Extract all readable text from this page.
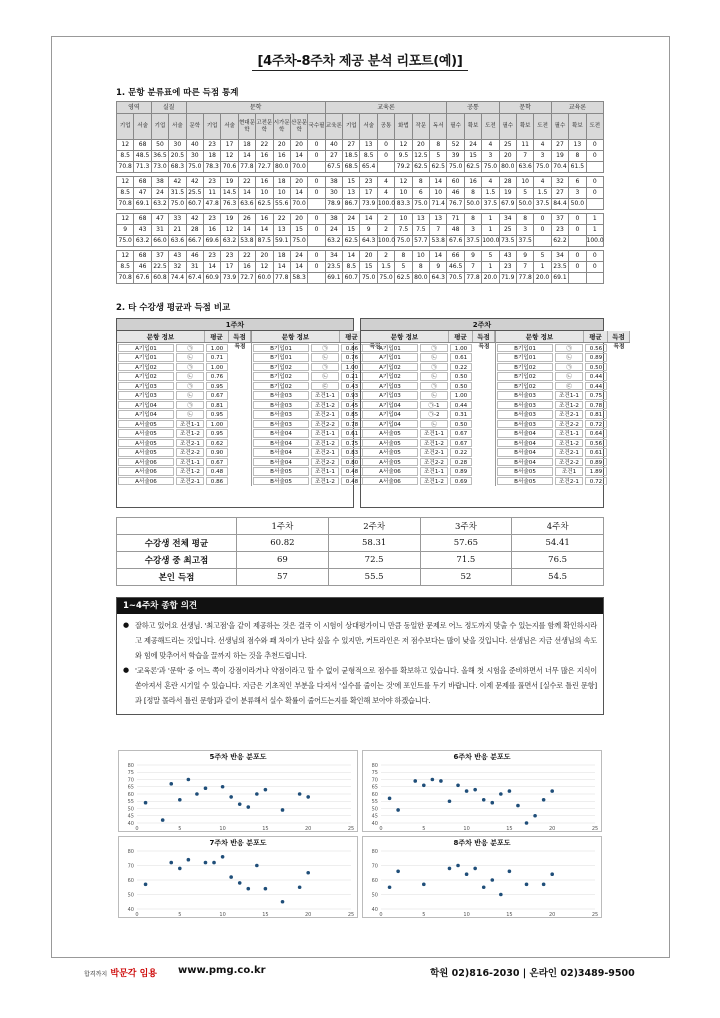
[4주차-8주차 제공 분석 리포트(예)]
1. 문항 분류표에 따른 득점 통계
영역		실질		문학								교육론							공통			문학			교육론		
기업	서술	기업	서술	문학	기업	서술	현대문학	고전문학	시가문학	산문문학	국수필	교육론	기업	서술	공통	화법	작문	독서	필수	확보	도전	필수	확보	도전	필수	확보	도전
12	68	50	30	40	23	17	18	22	20	20	0	40	27	13	0	12	20	8	52	24	4	25	11	4	27	13	0
8.5	48.5	36.5	20.5	30	18	12	14	16	16	14	0	27	18.5	8.5	0	9.5	12.5	5	39	15	3	20	7	3	19	8	0
70.8	71.3	73.0	68.3	75.0	78.3	70.6	77.8	72.7	80.0	70.0		67.5	68.5	65.4		79.2	62.5	62.5	75.0	62.5	75.0	80.0	63.6	75.0	70.4	61.5	

12	68	38	42	42	23	19	22	16	18	20	0	38	15	23	4	12	8	14	60	16	4	28	10	4	32	6	0
8.5	47	24	31.5	25.5	11	14.5	14	10	10	14	0	30	13	17	4	10	6	10	46	8	1.5	19	5	1.5	27	3	0
70.8	69.1	63.2	75.0	60.7	47.8	76.3	63.6	62.5	55.6	70.0		78.9	86.7	73.9	100.0	83.3	75.0	71.4	76.7	50.0	37.5	67.9	50.0	37.5	84.4	50.0	

12	68	47	33	42	23	19	26	16	22	20	0	38	24	14	2	10	13	13	71	8	1	34	8	0	37	0	1
9	43	31	21	28	16	12	14	14	13	15	0	24	15	9	2	7.5	7.5	7	48	3	1	25	3	0	23	0	1
75.0	63.2	66.0	63.6	66.7	69.6	63.2	53.8	87.5	59.1	75.0		63.2	62.5	64.3	100.0	75.0	57.7	53.8	67.6	37.5	100.0	73.5	37.5		62.2		100.0

12	68	37	43	46	23	23	22	20	18	24	0	34	14	20	2	8	10	14	66	9	5	43	9	5	34	0	0
8.5	46	22.5	32	31	14	17	16	12	14	14	0	23.5	8.5	15	1.5	5	8	9	46.5	7	1	23	7	1	23.5	0	0
70.8	67.6	60.8	74.4	67.4	60.9	73.9	72.7	60.0	77.8	58.3		69.1	60.7	75.0	75.0	62.5	80.0	64.3	70.5	77.8	20.0	71.9	77.8	20.0	69.1		
2. 타 수강생 평균과 득점 비교
1주차
문항 정보	평균	득점
A기입01	㉠	1.00	득점
A기입01	㉡	0.71
A기입02	㉠	1.00
A기입02	㉡	0.76
A기입03	㉠	0.95
A기입03	㉡	0.67
A기입04	㉠	0.81
A기입04	㉡	0.95
A서술05	조건1-1	1.00
A서술05	조건1-2	0.95
A서술05	조건2-1	0.62
A서술05	조건2-2	0.90
A서술06	조건1-1	0.67
A서술06	조건1-2	0.48
A서술06	조건2-1	0.86
문항 정보	평균
B기입01	㉠	0.86	득점
B기입01	㉡	0.76
B기입02	㉠	1.00
B기입02	㉡	0.21
B기입02	㉢	0.43
B서술03	조건1-1	0.93
B서술03	조건1-2	0.45
B서술03	조건2-1	0.85
B서술03	조건2-2	0.78
B서술04	조건1-1	0.61
B서술04	조건1-2	0.75
B서술04	조건2-1	0.83
B서술04	조건2-2	0.80
B서술05	조건1-1	0.48
B서술05	조건1-2	0.48
2주차
문항 정보	평균	득점
A기입01	㉠	1.00	득점
A기입01	㉡	0.61
A기입02	㉠	0.22
A기입02	㉡	0.50
A기입03	㉠	0.50
A기입03	㉡	1.00
A기입04	㉠-1	0.44
A기입04	㉠-2	0.31
A기입04	㉡	0.50
A서술05	조건1-1	0.67
A서술05	조건1-2	0.67
A서술05	조건2-1	0.22
A서술05	조건2-2	0.28
A서술06	조건1-1	0.89
A서술06	조건1-2	0.69
문항 정보	평균	득점
B기입01	㉠	0.56	득점
B기입01	㉡	0.89
B기입02	㉠	0.50
B기입02	㉡	0.44
B기입02	㉢	0.44
B서술03	조건1-1	0.75
B서술03	조건1-2	0.78
B서술03	조건2-1	0.81
B서술03	조건2-2	0.72
B서술04	조건1-1	0.64
B서술04	조건1-2	0.56
B서술04	조건2-1	0.61
B서술04	조건2-2	0.89
B서술05	조건1	1.89
B서술05	조건2-1	0.72
	1주차	2주차	3주차	4주차
수강생 전체 평균	60.82	58.31	57.65	54.41
수강생 중 최고점	69	72.5	71.5	76.5
본인 득점	57	55.5	52	54.5
1~4주차 종합 의견

● 잘하고 있어요 선생님. '최고점'을 같이 제공하는 것은 결국 이 시험이 상대평가이니 만큼 동일한 문제로 어느 정도까지 맞출 수 있는지를 함께 확인하시라고 제공해드리는 것입니다. 선생님의 점수와 꽤 차이가 난다 싶을 수 있지만, 커트라인은 저 점수보다는 많이 낮을 것입니다. 선생님은 지금 선생님의 속도와 힘에 맞추어서 학습을 끌까지 하는 것을 추천드립니다.

● '교육론'과 '문학' 중 어느 쪽이 강점이라거나 약점이라고 할 수 없이 균형적으로 점수를 확보하고 있습니다. 올해 첫 시험을 준비하면서 너무 많은 지식이 쏟아져서 혼란 시기일 수 있습니다. 지금은 기초적인 부분을 다져서 '실수를 줄이는 것'에 포인트를 두기 바랍니다. 이제 문제를 풀면서 [실수로 틀린 문항]과 [정말 몰라서 틀린 문항]과 같이 분류해서 실수 확률이 줄어드는지를 확인해 보아야 하겠습니다.

5주차 반응 분포도
40
45
50
55
60
65
70
75
80
0	5	10	15	20	25
6주차 반응 분포도
40
45
50
55
60
65
70
75
80
0	5	10	15	20	25
7주차 반응 분포도
40
50
60
70
80
0	5	10	15	20	25
8주차 반응 분포도
40
50
60
70
80
0	5	10	15	20	25
합격까지 박문각 임용 www.pmg.co.kr	학원 02)816-2030 | 온라인 02)3489-9500
